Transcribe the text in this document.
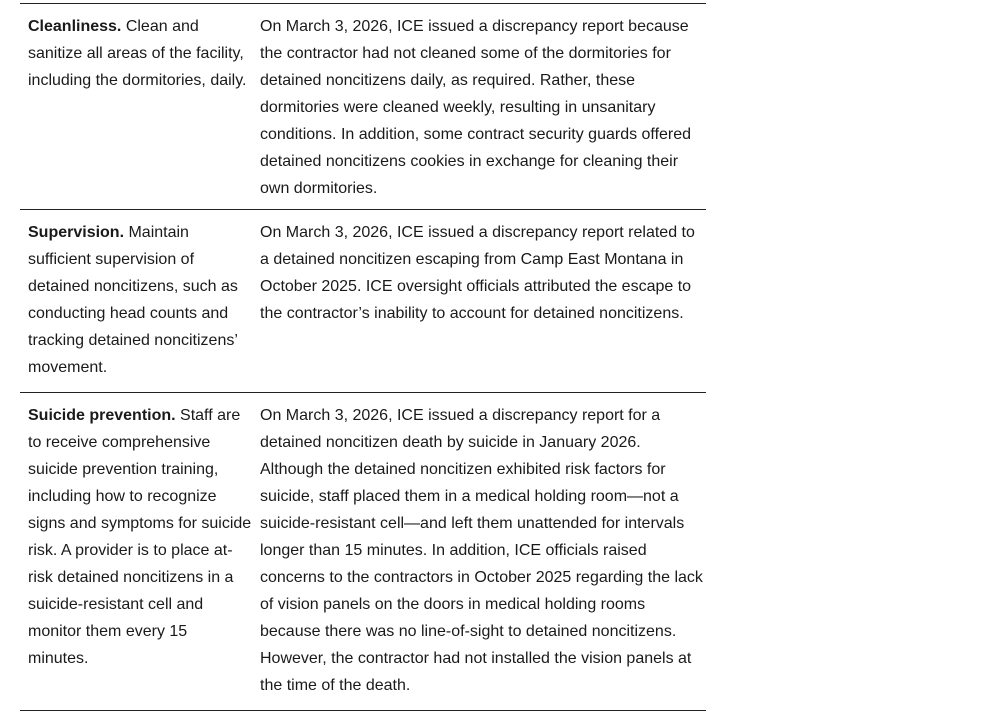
Cleanliness. Clean and sanitize all areas of the facility, including the dormitories, daily.
On March 3, 2026, ICE issued a discrepancy report because the contractor had not cleaned some of the dormitories for detained noncitizens daily, as required. Rather, these dormitories were cleaned weekly, resulting in unsanitary conditions. In addition, some contract security guards offered detained noncitizens cookies in exchange for cleaning their own dormitories.
Supervision. Maintain sufficient supervision of detained noncitizens, such as conducting head counts and tracking detained noncitizens’ movement.
On March 3, 2026, ICE issued a discrepancy report related to a detained noncitizen escaping from Camp East Montana in October 2025. ICE oversight officials attributed the escape to the contractor’s inability to account for detained noncitizens.
Suicide prevention. Staff are to receive comprehensive suicide prevention training, including how to recognize signs and symptoms for suicide risk. A provider is to place at-risk detained noncitizens in a suicide-resistant cell and monitor them every 15 minutes.
On March 3, 2026, ICE issued a discrepancy report for a detained noncitizen death by suicide in January 2026. Although the detained noncitizen exhibited risk factors for suicide, staff placed them in a medical holding room—not a suicide-resistant cell—and left them unattended for intervals longer than 15 minutes. In addition, ICE officials raised concerns to the contractors in October 2025 regarding the lack of vision panels on the doors in medical holding rooms because there was no line-of-sight to detained noncitizens. However, the contractor had not installed the vision panels at the time of the death.
